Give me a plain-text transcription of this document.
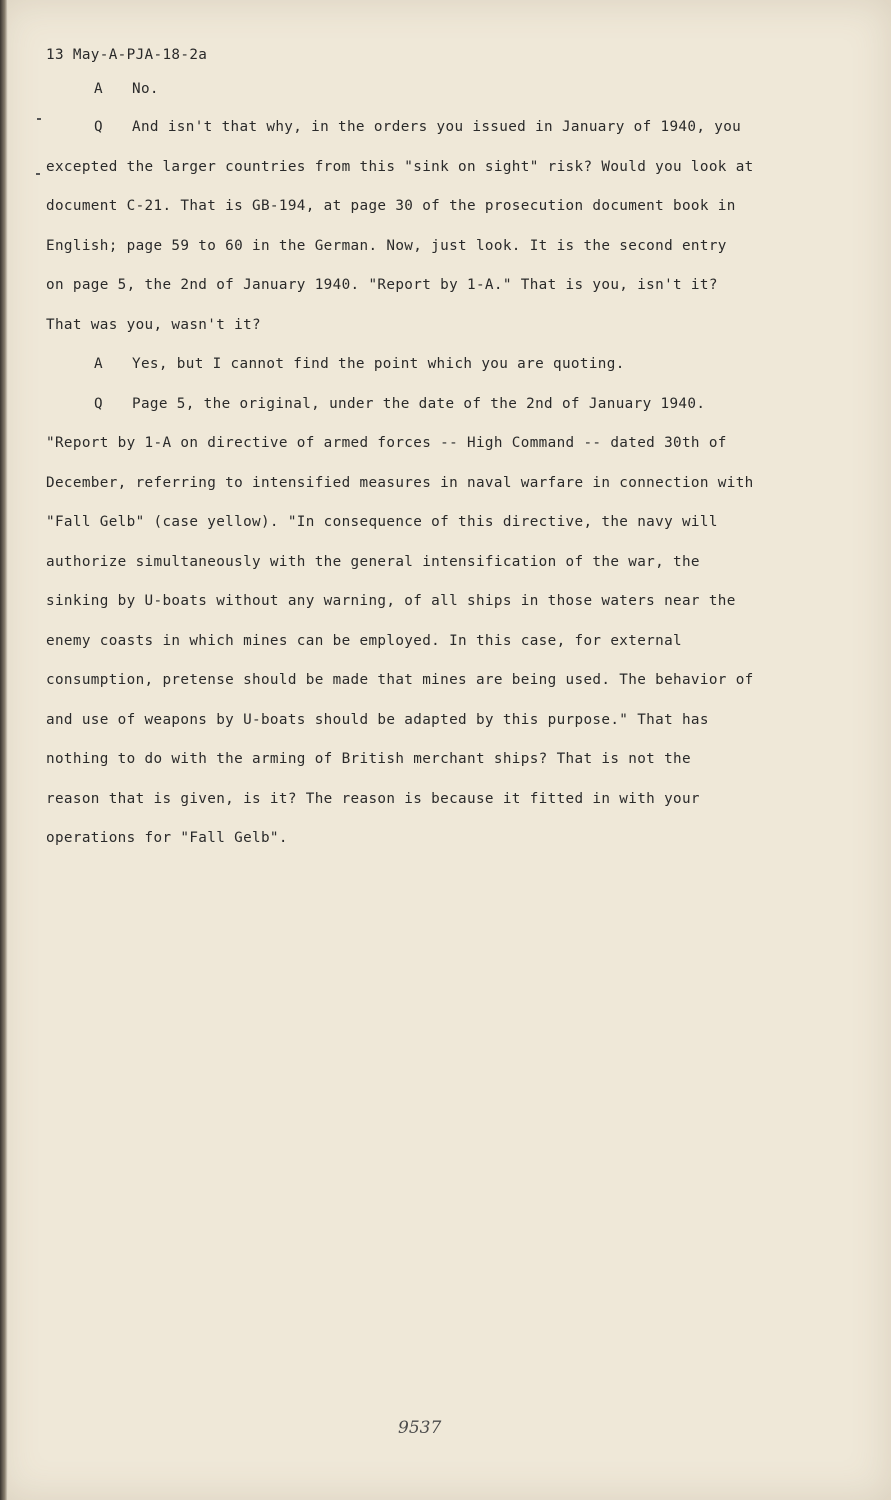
13 May-A-PJA-18-2a
A No.
Q And isn't that why, in the orders you issued in January of 1940, you
excepted the larger countries from this "sink on sight" risk? Would you look at
document C-21. That is GB-194, at page 30 of the prosecution document book in
English; page 59 to 60 in the German. Now, just look. It is the second entry
on page 5, the 2nd of January 1940. "Report by 1-A." That is you, isn't it?
That was you, wasn't it?
A Yes, but I cannot find the point which you are quoting.
Q Page 5, the original, under the date of the 2nd of January 1940.
"Report by 1-A on directive of armed forces -- High Command -- dated 30th of
December, referring to intensified measures in naval warfare in connection with
"Fall Gelb" (case yellow). "In consequence of this directive, the navy will
authorize simultaneously with the general intensification of the war, the
sinking by U-boats without any warning, of all ships in those waters near the
enemy coasts in which mines can be employed. In this case, for external
consumption, pretense should be made that mines are being used. The behavior of
and use of weapons by U-boats should be adapted by this purpose." That has
nothing to do with the arming of British merchant ships? That is not the
reason that is given, is it? The reason is because it fitted in with your
operations for "Fall Gelb".
9537
